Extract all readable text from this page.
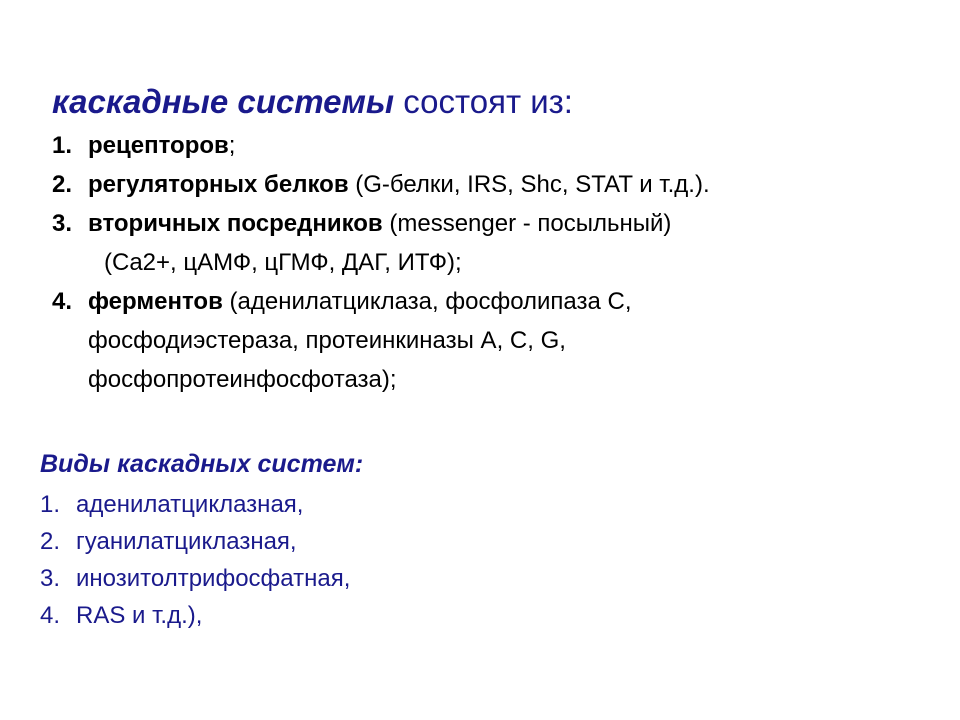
каскадные системы состоят из:
1. рецепторов;
2. регуляторных белков (G-белки, IRS, Shc, STAT и т.д.).
3. вторичных посредников (messenger - посыльный)
(Ca2+, цАМФ, цГМФ, ДАГ, ИТФ);
4. ферментов (аденилатциклаза, фосфолипаза С,
фосфодиэстераза, протеинкиназы А, С, G,
фосфопротеинфосфотаза);
Виды каскадных систем:
1. аденилатциклазная,
2. гуанилатциклазная,
3. инозитолтрифосфатная,
4. RAS и т.д.),
